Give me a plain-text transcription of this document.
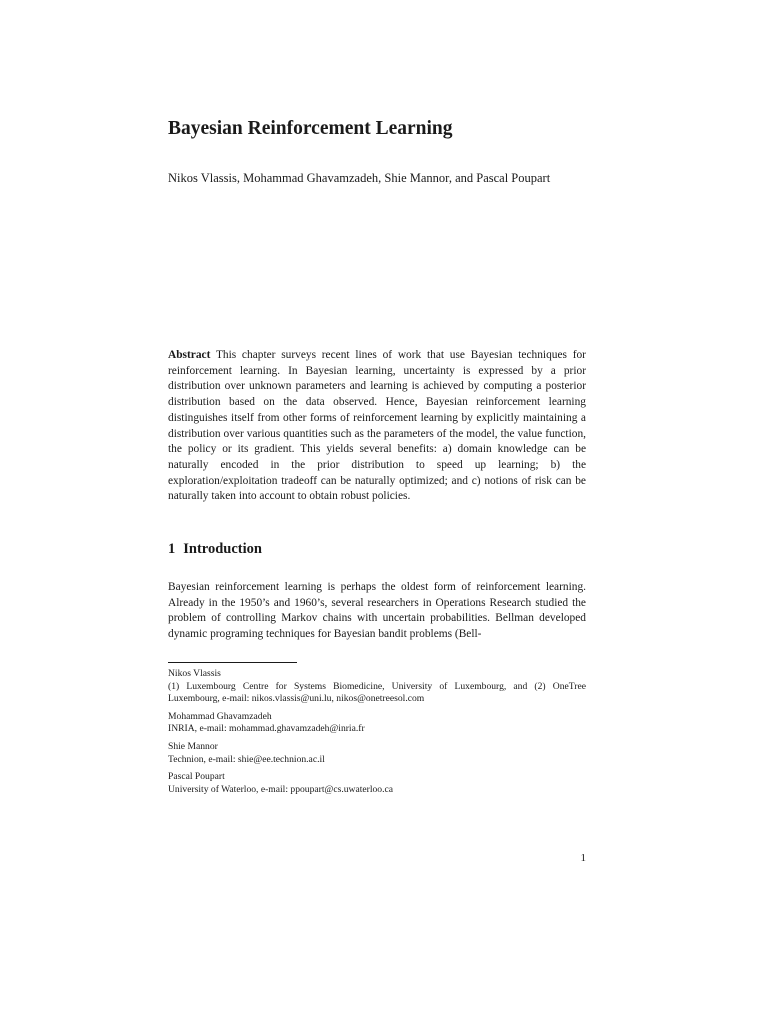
Bayesian Reinforcement Learning
Nikos Vlassis, Mohammad Ghavamzadeh, Shie Mannor, and Pascal Poupart

Abstract This chapter surveys recent lines of work that use Bayesian techniques for reinforcement learning. In Bayesian learning, uncertainty is expressed by a prior distribution over unknown parameters and learning is achieved by computing a posterior distribution based on the data observed. Hence, Bayesian reinforcement learning distinguishes itself from other forms of reinforcement learning by explicitly maintaining a distribution over various quantities such as the parameters of the model, the value function, the policy or its gradient. This yields several benefits: a) domain knowledge can be naturally encoded in the prior distribution to speed up learning; b) the exploration/exploitation tradeoff can be naturally optimized; and c) notions of risk can be naturally taken into account to obtain robust policies.

1 Introduction

Bayesian reinforcement learning is perhaps the oldest form of reinforcement learning. Already in the 1950’s and 1960’s, several researchers in Operations Research studied the problem of controlling Markov chains with uncertain probabilities. Bellman developed dynamic programing techniques for Bayesian bandit problems (Bell-

Nikos Vlassis
(1) Luxembourg Centre for Systems Biomedicine, University of Luxembourg, and (2) OneTree Luxembourg, e-mail: nikos.vlassis@uni.lu, nikos@onetreesol.com
Mohammad Ghavamzadeh
INRIA, e-mail: mohammad.ghavamzadeh@inria.fr
Shie Mannor
Technion, e-mail: shie@ee.technion.ac.il
Pascal Poupart
University of Waterloo, e-mail: ppoupart@cs.uwaterloo.ca
1
